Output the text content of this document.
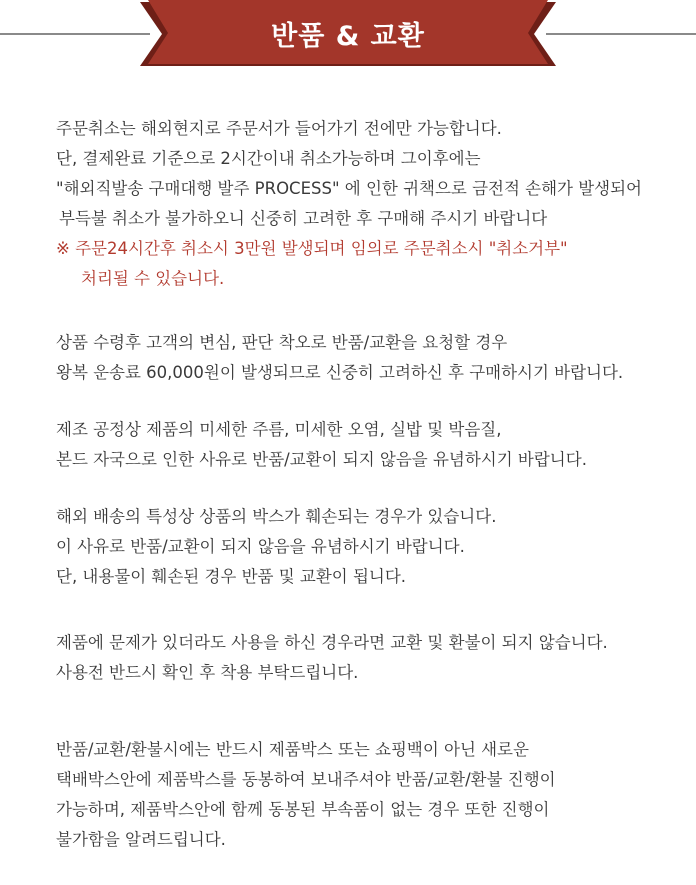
반품 & 교환
주문취소는 해외현지로 주문서가 들어가기 전에만 가능합니다.
단, 결제완료 기준으로 2시간이내 취소가능하며 그이후에는
"해외직발송 구매대행 발주 PROCESS" 에 인한 귀책으로 금전적 손해가 발생되어
부득불 취소가 불가하오니 신중히 고려한 후 구매해 주시기 바랍니다
※ 주문24시간후 취소시 3만원 발생되며 임의로 주문취소시 "취소거부"
처리될 수 있습니다.
상품 수령후 고객의 변심, 판단 착오로 반품/교환을 요청할 경우
왕복 운송료 60,000원이 발생되므로 신중히 고려하신 후 구매하시기 바랍니다.
제조 공정상 제품의 미세한 주름, 미세한 오염, 실밥 및 박음질,
본드 자국으로 인한 사유로 반품/교환이 되지 않음을 유념하시기 바랍니다.
해외 배송의 특성상 상품의 박스가 훼손되는 경우가 있습니다.
이 사유로 반품/교환이 되지 않음을 유념하시기 바랍니다.
단, 내용물이 훼손된 경우 반품 및 교환이 됩니다.
제품에 문제가 있더라도 사용을 하신 경우라면 교환 및 환불이 되지 않습니다.
사용전 반드시 확인 후 착용 부탁드립니다.
반품/교환/환불시에는 반드시 제품박스 또는 쇼핑백이 아닌 새로운
택배박스안에 제품박스를 동봉하여 보내주셔야 반품/교환/환불 진행이
가능하며, 제품박스안에 함께 동봉된 부속품이 없는 경우 또한 진행이
불가함을 알려드립니다.
